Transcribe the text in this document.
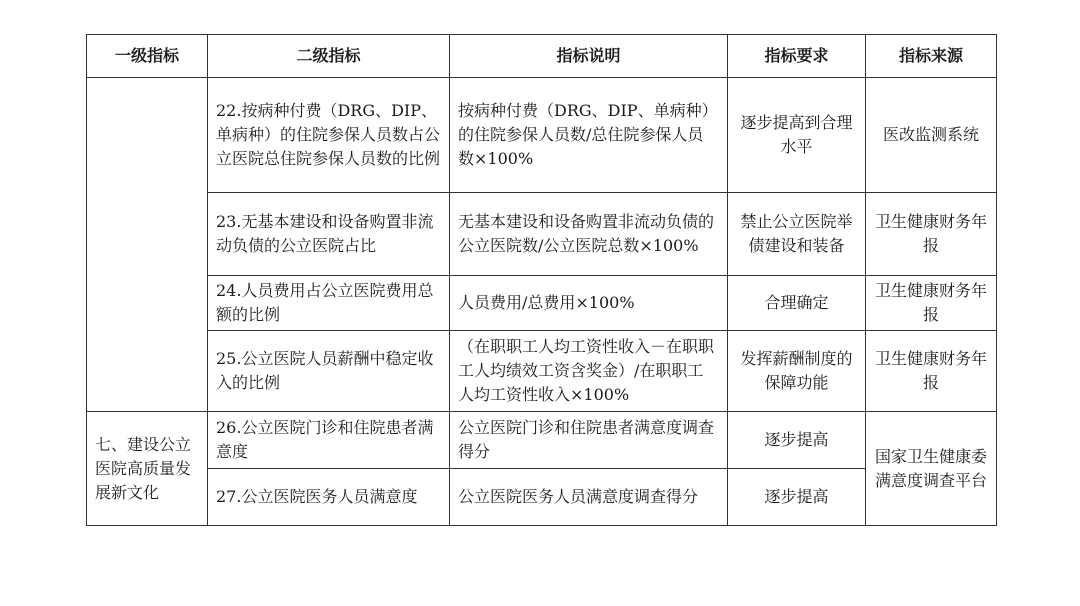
一级指标	二级指标	指标说明	指标要求	指标来源
	22.按病种付费（DRG、DIP、单病种）的住院参保人员数占公立医院总住院参保人员数的比例	按病种付费（DRG、DIP、单病种）的住院参保人员数/总住院参保人员数×100%	逐步提高到合理水平	医改监测系统
	23.无基本建设和设备购置非流动负债的公立医院占比	无基本建设和设备购置非流动负债的公立医院数/公立医院总数×100%	禁止公立医院举债建设和装备	卫生健康财务年报
	24.人员费用占公立医院费用总额的比例	人员费用/总费用×100%	合理确定	卫生健康财务年报
	25.公立医院人员薪酬中稳定收入的比例	（在职职工人均工资性收入－在职职工人均绩效工资含奖金）/在职职工人均工资性收入×100%	发挥薪酬制度的保障功能	卫生健康财务年报
七、建设公立医院高质量发展新文化	26.公立医院门诊和住院患者满意度	公立医院门诊和住院患者满意度调查得分	逐步提高	国家卫生健康委满意度调查平台
	27.公立医院医务人员满意度	公立医院医务人员满意度调查得分	逐步提高	
